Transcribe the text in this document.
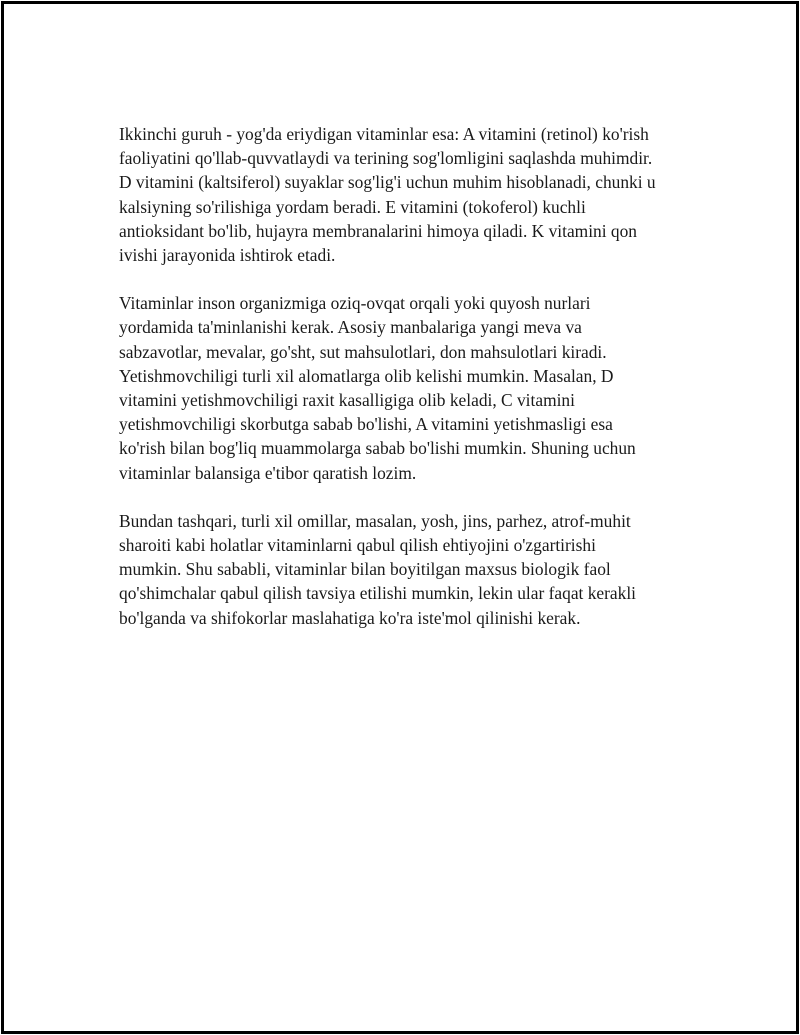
Ikkinchi guruh - yog'da eriydigan vitaminlar esa: A vitamini (retinol) ko'rish
faoliyatini qo'llab-quvvatlaydi va terining sog'lomligini saqlashda muhimdir.
D vitamini (kaltsiferol) suyaklar sog'lig'i uchun muhim hisoblanadi, chunki u
kalsiyning so'rilishiga yordam beradi. E vitamini (tokoferol) kuchli
antioksidant bo'lib, hujayra membranalarini himoya qiladi. K vitamini qon
ivishi jarayonida ishtirok etadi.

Vitaminlar inson organizmiga oziq-ovqat orqali yoki quyosh nurlari
yordamida ta'minlanishi kerak. Asosiy manbalariga yangi meva va
sabzavotlar, mevalar, go'sht, sut mahsulotlari, don mahsulotlari kiradi.
Yetishmovchiligi turli xil alomatlarga olib kelishi mumkin. Masalan, D
vitamini yetishmovchiligi raxit kasalligiga olib keladi, C vitamini
yetishmovchiligi skorbutga sabab bo'lishi, A vitamini yetishmasligi esa
ko'rish bilan bog'liq muammolarga sabab bo'lishi mumkin. Shuning uchun
vitaminlar balansiga e'tibor qaratish lozim.

Bundan tashqari, turli xil omillar, masalan, yosh, jins, parhez, atrof-muhit
sharoiti kabi holatlar vitaminlarni qabul qilish ehtiyojini o'zgartirishi
mumkin. Shu sababli, vitaminlar bilan boyitilgan maxsus biologik faol
qo'shimchalar qabul qilish tavsiya etilishi mumkin, lekin ular faqat kerakli
bo'lganda va shifokorlar maslahatiga ko'ra iste'mol qilinishi kerak.
